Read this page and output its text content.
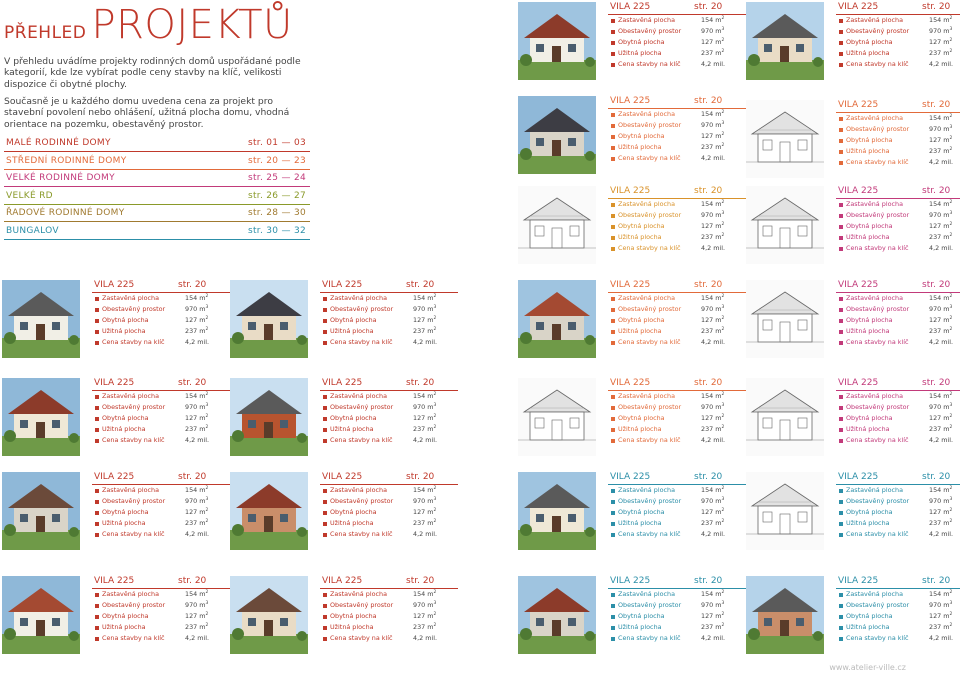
PŘEHLED PROJEKTŮ
V přehledu uvádíme projekty rodinných domů uspořádané podle kategorií, kde lze vybírat podle ceny stavby na klíč, velikosti dispozice či obytné plochy.
Současně je u každého domu uvedena cena za projekt pro stavební povolení nebo ohlášení, užitná plocha domu, vhodná orientace na pozemku, obestavěný prostor.
MALÉ RODINNÉ DOMY	str. 01 — 03
STŘEDNÍ RODINNÉ DOMY	str. 20 — 23
VELKÉ RODINNÉ DOMY	str. 25 — 24
VELKÉ RD	str. 26 — 27
ŘADOVÉ RODINNÉ DOMY	str. 28 — 30
BUNGALOV	str. 30 — 32
VILA 225	str. 20
Zastavěná plocha	154 $m^2$
Obestavěný prostor	970 $m^3$
Obytná plocha	127 $m^2$
Užitná plocha	237 $m^2$
Cena stavby na klíč	4,2 mil.
VILA 225	str. 20
Zastavěná plocha	154 $m^2$
Obestavěný prostor	970 $m^3$
Obytná plocha	127 $m^2$
Užitná plocha	237 $m^2$
Cena stavby na klíč	4,2 mil.
VILA 225	str. 20
Zastavěná plocha	154 $m^2$
Obestavěný prostor	970 $m^3$
Obytná plocha	127 $m^2$
Užitná plocha	237 $m^2$
Cena stavby na klíč	4,2 mil.
VILA 225	str. 20
Zastavěná plocha	154 $m^2$
Obestavěný prostor	970 $m^3$
Obytná plocha	127 $m^2$
Užitná plocha	237 $m^2$
Cena stavby na klíč	4,2 mil.
VILA 225	str. 20
Zastavěná plocha	154 $m^2$
Obestavěný prostor	970 $m^3$
Obytná plocha	127 $m^2$
Užitná plocha	237 $m^2$
Cena stavby na klíč	4,2 mil.
VILA 225	str. 20
Zastavěná plocha	154 $m^2$
Obestavěný prostor	970 $m^3$
Obytná plocha	127 $m^2$
Užitná plocha	237 $m^2$
Cena stavby na klíč	4,2 mil.
VILA 225	str. 20
Zastavěná plocha	154 $m^2$
Obestavěný prostor	970 $m^3$
Obytná plocha	127 $m^2$
Užitná plocha	237 $m^2$
Cena stavby na klíč	4,2 mil.
VILA 225	str. 20
Zastavěná plocha	154 $m^2$
Obestavěný prostor	970 $m^3$
Obytná plocha	127 $m^2$
Užitná plocha	237 $m^2$
Cena stavby na klíč	4,2 mil.
VILA 225	str. 20
Zastavěná plocha	154 $m^2$
Obestavěný prostor	970 $m^3$
Obytná plocha	127 $m^2$
Užitná plocha	237 $m^2$
Cena stavby na klíč	4,2 mil.
VILA 225	str. 20
Zastavěná plocha	154 $m^2$
Obestavěný prostor	970 $m^3$
Obytná plocha	127 $m^2$
Užitná plocha	237 $m^2$
Cena stavby na klíč	4,2 mil.
VILA 225	str. 20
Zastavěná plocha	154 $m^2$
Obestavěný prostor	970 $m^3$
Obytná plocha	127 $m^2$
Užitná plocha	237 $m^2$
Cena stavby na klíč	4,2 mil.
VILA 225	str. 20
Zastavěná plocha	154 $m^2$
Obestavěný prostor	970 $m^3$
Obytná plocha	127 $m^2$
Užitná plocha	237 $m^2$
Cena stavby na klíč	4,2 mil.
VILA 225	str. 20
Zastavěná plocha	154 $m^2$
Obestavěný prostor	970 $m^3$
Obytná plocha	127 $m^2$
Užitná plocha	237 $m^2$
Cena stavby na klíč	4,2 mil.
VILA 225	str. 20
Zastavěná plocha	154 $m^2$
Obestavěný prostor	970 $m^3$
Obytná plocha	127 $m^2$
Užitná plocha	237 $m^2$
Cena stavby na klíč	4,2 mil.
VILA 225	str. 20
Zastavěná plocha	154 $m^2$
Obestavěný prostor	970 $m^3$
Obytná plocha	127 $m^2$
Užitná plocha	237 $m^2$
Cena stavby na klíč	4,2 mil.
VILA 225	str. 20
Zastavěná plocha	154 $m^2$
Obestavěný prostor	970 $m^3$
Obytná plocha	127 $m^2$
Užitná plocha	237 $m^2$
Cena stavby na klíč	4,2 mil.
VILA 225	str. 20
Zastavěná plocha	154 $m^2$
Obestavěný prostor	970 $m^3$
Obytná plocha	127 $m^2$
Užitná plocha	237 $m^2$
Cena stavby na klíč	4,2 mil.
VILA 225	str. 20
Zastavěná plocha	154 $m^2$
Obestavěný prostor	970 $m^3$
Obytná plocha	127 $m^2$
Užitná plocha	237 $m^2$
Cena stavby na klíč	4,2 mil.
VILA 225	str. 20
Zastavěná plocha	154 $m^2$
Obestavěný prostor	970 $m^3$
Obytná plocha	127 $m^2$
Užitná plocha	237 $m^2$
Cena stavby na klíč	4,2 mil.
VILA 225	str. 20
Zastavěná plocha	154 $m^2$
Obestavěný prostor	970 $m^3$
Obytná plocha	127 $m^2$
Užitná plocha	237 $m^2$
Cena stavby na klíč	4,2 mil.
VILA 225	str. 20
Zastavěná plocha	154 $m^2$
Obestavěný prostor	970 $m^3$
Obytná plocha	127 $m^2$
Užitná plocha	237 $m^2$
Cena stavby na klíč	4,2 mil.
VILA 225	str. 20
Zastavěná plocha	154 $m^2$
Obestavěný prostor	970 $m^3$
Obytná plocha	127 $m^2$
Užitná plocha	237 $m^2$
Cena stavby na klíč	4,2 mil.
www.atelier-ville.cz
